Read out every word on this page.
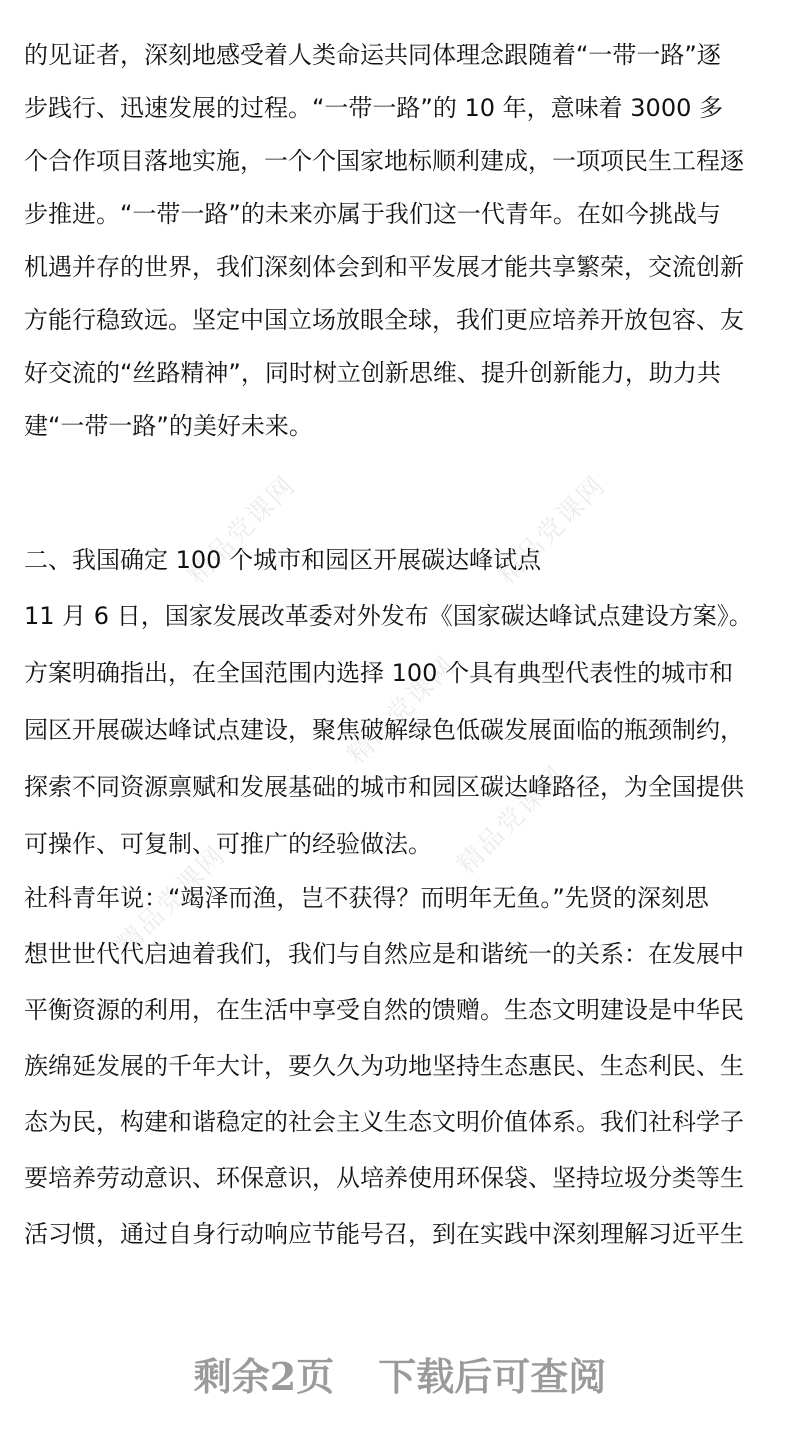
精品党课网	精品党课网
精品党课网
精品党课网
精品党课网
的见证者，深刻地感受着人类命运共同体理念跟随着“一带一路”逐
步践行、迅速发展的过程。“一带一路”的 10 年，意味着 3000 多
个合作项目落地实施，一个个国家地标顺利建成，一项项民生工程逐
步推进。“一带一路”的未来亦属于我们这一代青年。在如今挑战与
机遇并存的世界，我们深刻体会到和平发展才能共享繁荣，交流创新
方能行稳致远。坚定中国立场放眼全球，我们更应培养开放包容、友
好交流的“丝路精神”，同时树立创新思维、提升创新能力，助力共
建“一带一路”的美好未来。
二、我国确定 100 个城市和园区开展碳达峰试点
11 月 6 日，国家发展改革委对外发布《国家碳达峰试点建设方案》。
方案明确指出，在全国范围内选择 100 个具有典型代表性的城市和
园区开展碳达峰试点建设，聚焦破解绿色低碳发展面临的瓶颈制约，
探索不同资源禀赋和发展基础的城市和园区碳达峰路径，为全国提供
可操作、可复制、可推广的经验做法。
社科青年说：“竭泽而渔，岂不获得？而明年无鱼。”先贤的深刻思
想世世代代启迪着我们，我们与自然应是和谐统一的关系：在发展中
平衡资源的利用，在生活中享受自然的馈赠。生态文明建设是中华民
族绵延发展的千年大计，要久久为功地坚持生态惠民、生态利民、生
态为民，构建和谐稳定的社会主义生态文明价值体系。我们社科学子
要培养劳动意识、环保意识，从培养使用环保袋、坚持垃圾分类等生
活习惯，通过自身行动响应节能号召，到在实践中深刻理解习近平生
剩余2页 下载后可查阅
